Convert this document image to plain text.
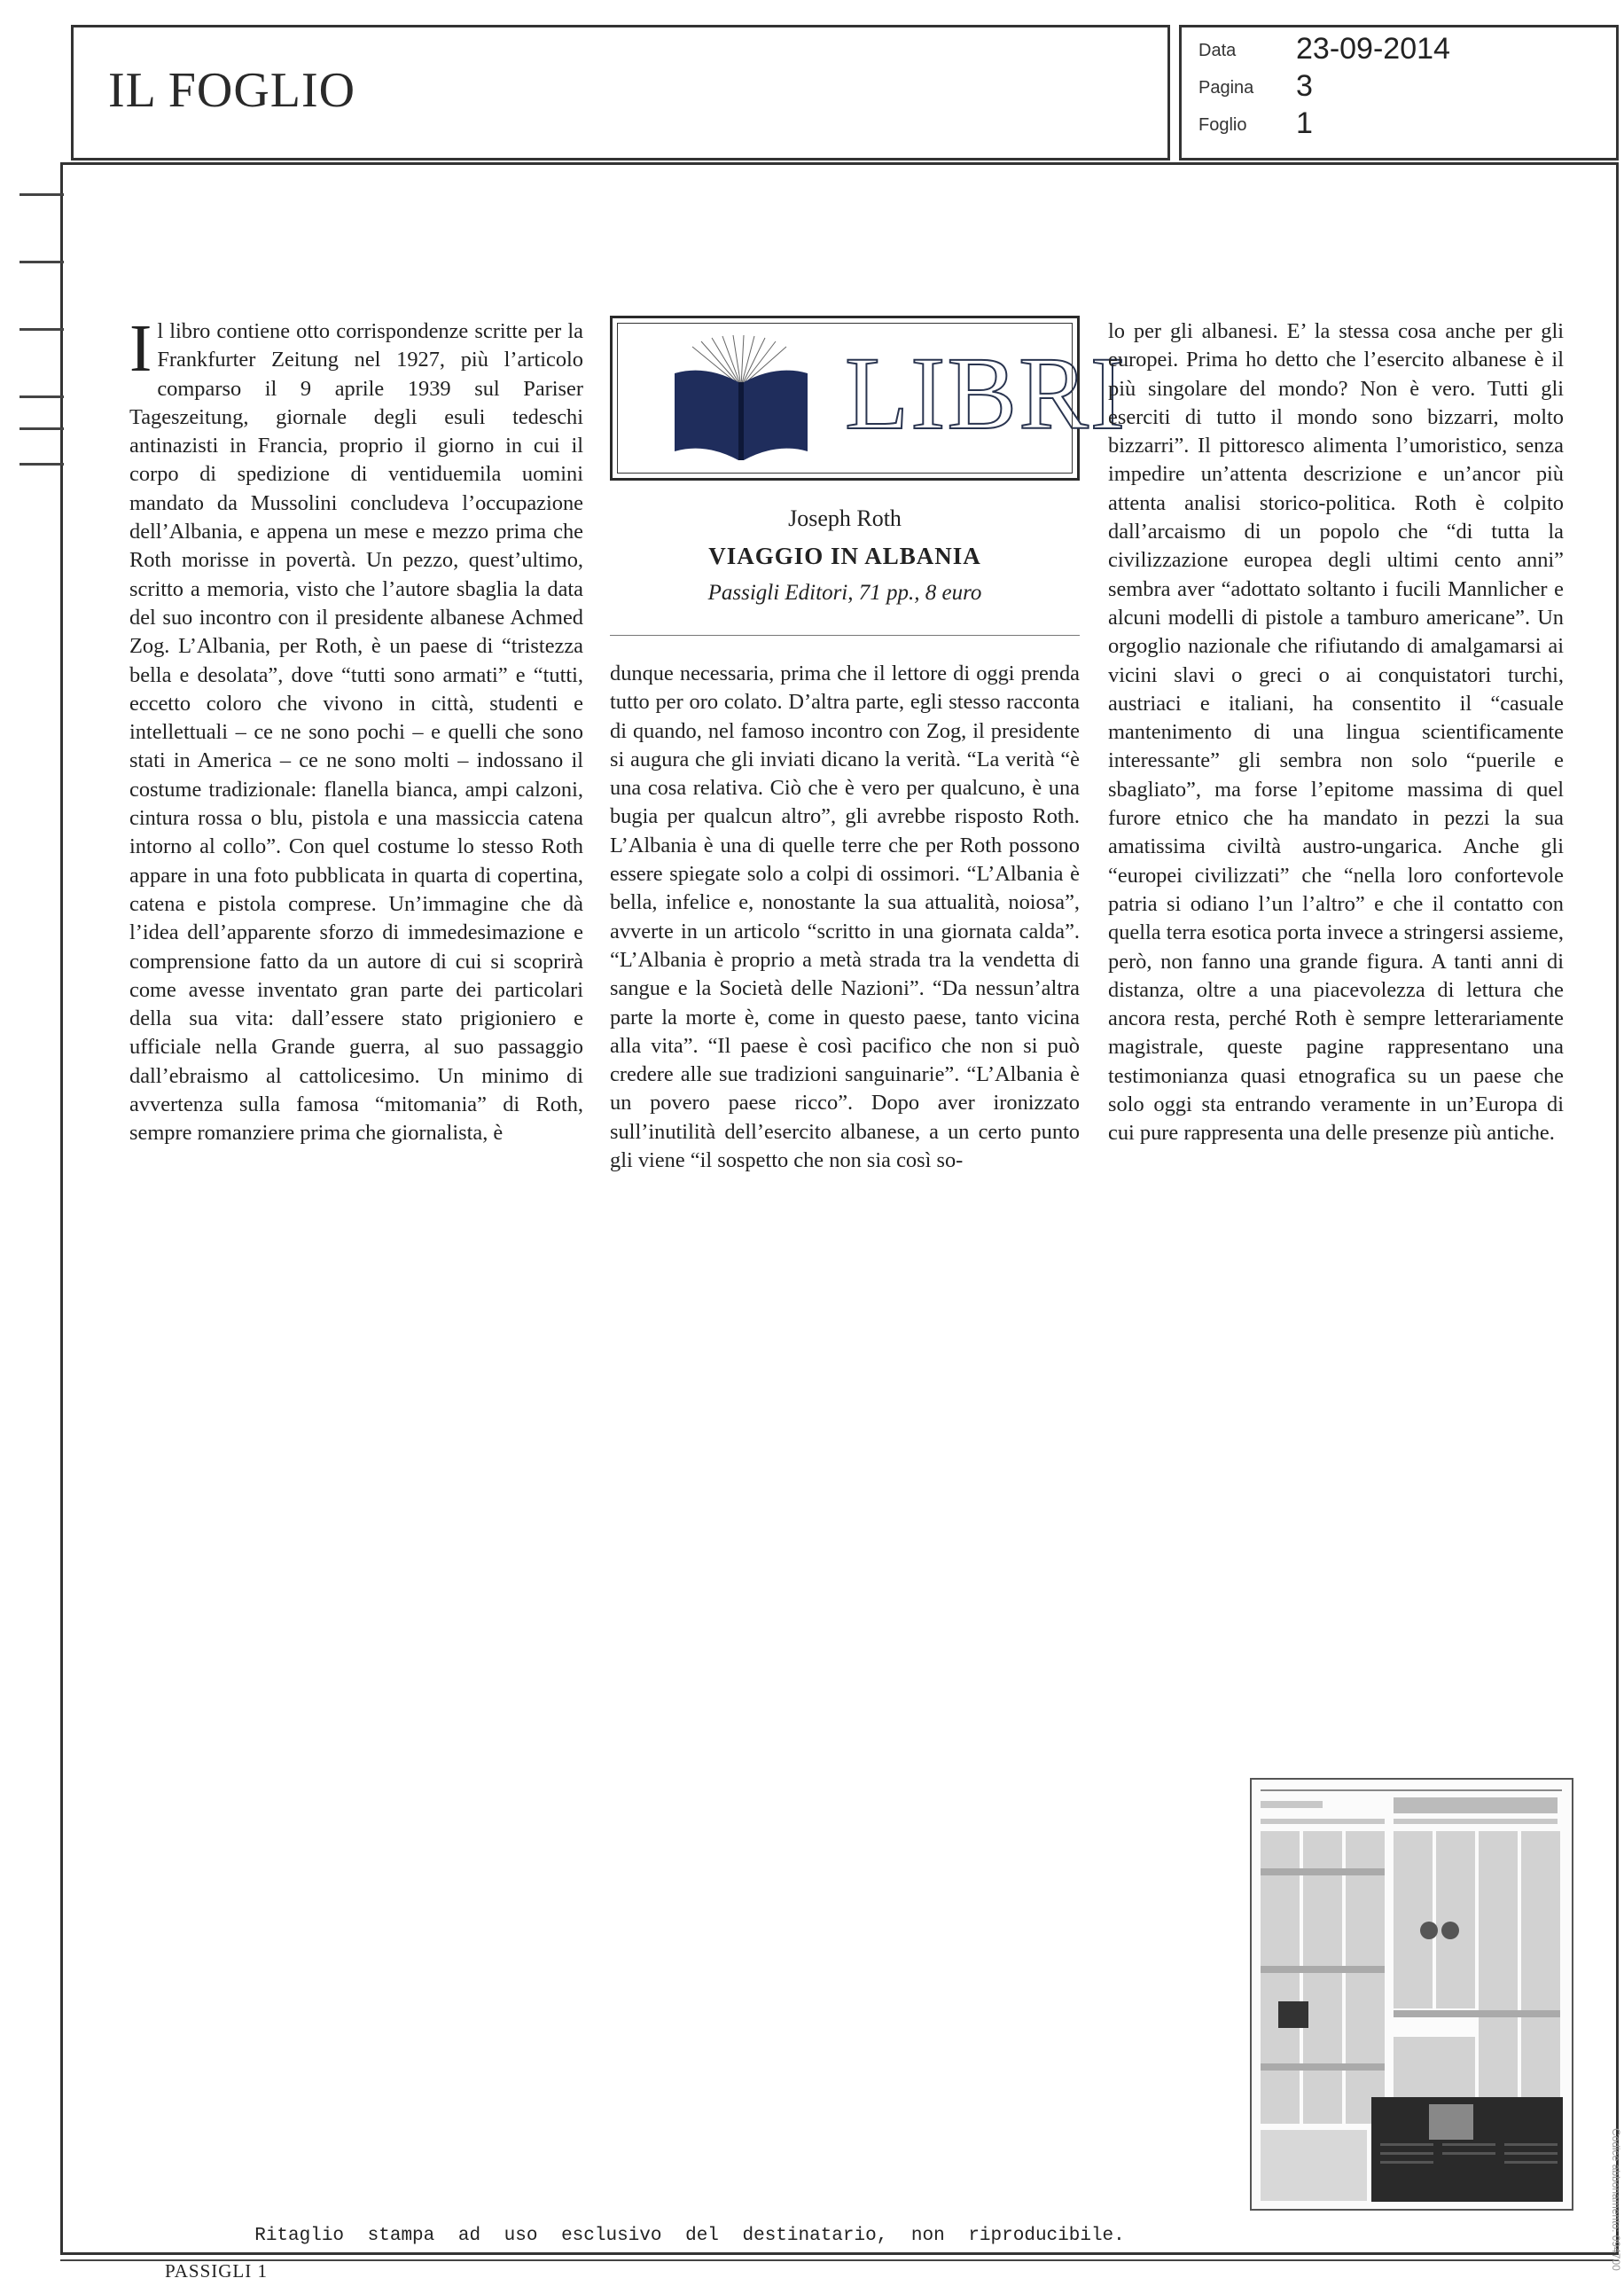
IL FOGLIO
Data 23-09-2014
Pagina 3
Foglio 1
Il libro contiene otto corrispondenze scritte per la Frankfurter Zeitung nel 1927, più l’articolo comparso il 9 aprile 1939 sul Pariser Tageszeitung, giornale degli esuli tedeschi antinazisti in Francia, proprio il giorno in cui il corpo di spedizione di ventiduemila uomini mandato da Mussolini concludeva l’occupazione dell’Albania, e appena un mese e mezzo prima che Roth morisse in povertà. Un pezzo, quest’ultimo, scritto a memoria, visto che l’autore sbaglia la data del suo incontro con il presidente albanese Achmed Zog. L’Albania, per Roth, è un paese di “tristezza bella e desolata”, dove “tutti sono armati” e “tutti, eccetto coloro che vivono in città, studenti e intellettuali – ce ne sono pochi – e quelli che sono stati in America – ce ne sono molti – indossano il costume tradizionale: flanella bianca, ampi calzoni, cintura rossa o blu, pistola e una massiccia catena intorno al collo”. Con quel costume lo stesso Roth appare in una foto pubblicata in quarta di copertina, catena e pistola comprese. Un’immagine che dà l’idea dell’apparente sforzo di immedesimazione e comprensione fatto da un autore di cui si scoprirà come avesse inventato gran parte dei particolari della sua vita: dall’essere stato prigioniero e ufficiale nella Grande guerra, al suo passaggio dall’ebraismo al cattolicesimo. Un minimo di avvertenza sulla famosa “mitomania” di Roth, sempre romanziere prima che giornalista, è
LIBRI
Joseph Roth
VIAGGIO IN ALBANIA
Passigli Editori, 71 pp., 8 euro
dunque necessaria, prima che il lettore di oggi prenda tutto per oro colato. D’altra parte, egli stesso racconta di quando, nel famoso incontro con Zog, il presidente si augura che gli inviati dicano la verità. “La verità “è una cosa relativa. Ciò che è vero per qualcuno, è una bugia per qualcun altro”, gli avrebbe risposto Roth. L’Albania è una di quelle terre che per Roth possono essere spiegate solo a colpi di ossimori. “L’Albania è bella, infelice e, nonostante la sua attualità, noiosa”, avverte in un articolo “scritto in una giornata calda”. “L’Albania è proprio a metà strada tra la vendetta di sangue e la Società delle Nazioni”. “Da nessun’altra parte la morte è, come in questo paese, tanto vicina alla vita”. “Il paese è così pacifico che non si può credere alle sue tradizioni sanguinarie”. “L’Albania è un povero paese ricco”. Dopo aver ironizzato sull’inutilità dell’esercito albanese, a un certo punto gli viene “il sospetto che non sia così so-
lo per gli albanesi. E’ la stessa cosa anche per gli europei. Prima ho detto che l’esercito albanese è il più singolare del mondo? Non è vero. Tutti gli eserciti di tutto il mondo sono bizzarri, molto bizzarri”. Il pittoresco alimenta l’umoristico, senza impedire un’attenta descrizione e un’ancor più attenta analisi storico-politica. Roth è colpito dall’arcaismo di un popolo che “di tutta la civilizzazione europea degli ultimi cento anni” sembra aver “adottato soltanto i fucili Mannlicher e alcuni modelli di pistole a tamburo americane”. Un orgoglio nazionale che rifiutando di amalgamarsi ai vicini slavi o greci o ai conquistatori turchi, austriaci e italiani, ha consentito il “casuale mantenimento di una lingua scientificamente interessante” gli sembra non solo “puerile e sbagliato”, ma forse l’epitome massima di quel furore etnico che ha mandato in pezzi la sua amatissima civiltà austro-ungarica. Anche gli “europei civilizzati” che “nella loro confortevole patria si odiano l’un l’altro” e che il contatto con quella terra esotica porta invece a stringersi assieme, però, non fanno una grande figura. A tanti anni di distanza, oltre a una piacevolezza di lettura che ancora resta, perché Roth è sempre letterariamente magistrale, queste pagine rappresentano una testimonianza quasi etnografica su un paese che solo oggi sta entrando veramente in un’Europa di cui pure rappresenta una delle presenze più antiche.
Ritaglio stampa ad uso esclusivo del destinatario, non riproducibile.
PASSIGLI 1
Codice abbonamento: 094700
